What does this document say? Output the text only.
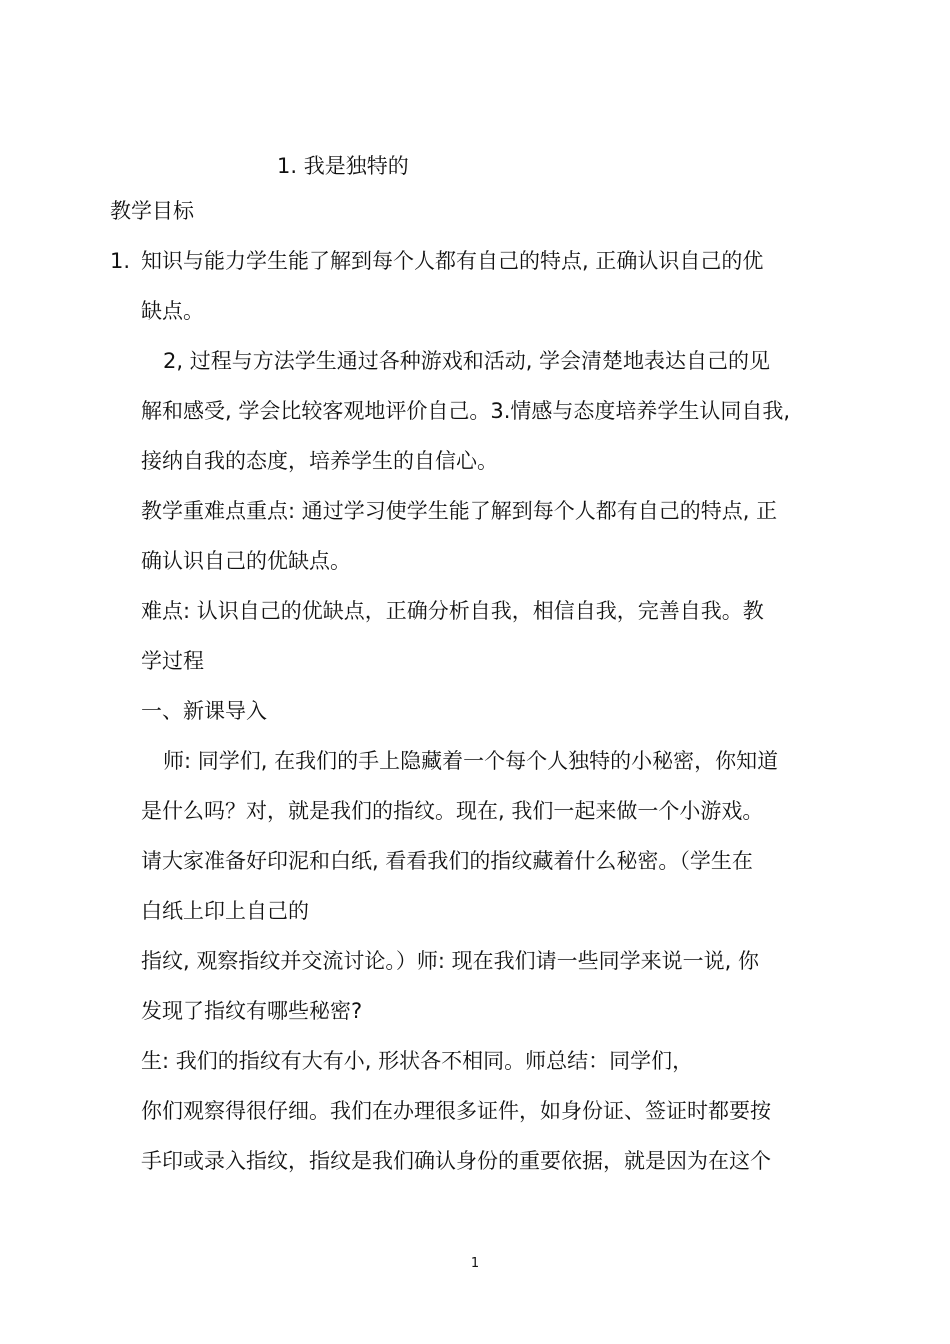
1. 我是独特的
教学目标
1. 知识与能力学生能了解到每个人都有自己的特点, 正确认识自己的优
缺点。
2, 过程与方法学生通过各种游戏和活动, 学会清楚地表达自己的见
解和感受, 学会比较客观地评价自己。3.情感与态度培养学生认同自我,
接纳自我的态度，培养学生的自信心。
教学重难点重点: 通过学习使学生能了解到每个人都有自己的特点, 正
确认识自己的优缺点。
难点: 认识自己的优缺点，正确分析自我，相信自我，完善自我。教
学过程
一、新课导入
师: 同学们, 在我们的手上隐藏着一个每个人独特的小秘密，你知道
是什么吗？对，就是我们的指纹。现在, 我们一起来做一个小游戏。
请大家准备好印泥和白纸, 看看我们的指纹藏着什么秘密。（学生在
白纸上印上自己的
指纹, 观察指纹并交流讨论。）师: 现在我们请一些同学来说一说, 你
发现了指纹有哪些秘密?
生: 我们的指纹有大有小, 形状各不相同。师总结：同学们，
你们观察得很仔细。我们在办理很多证件，如身份证、签证时都要按
手印或录入指纹，指纹是我们确认身份的重要依据，就是因为在这个
1
